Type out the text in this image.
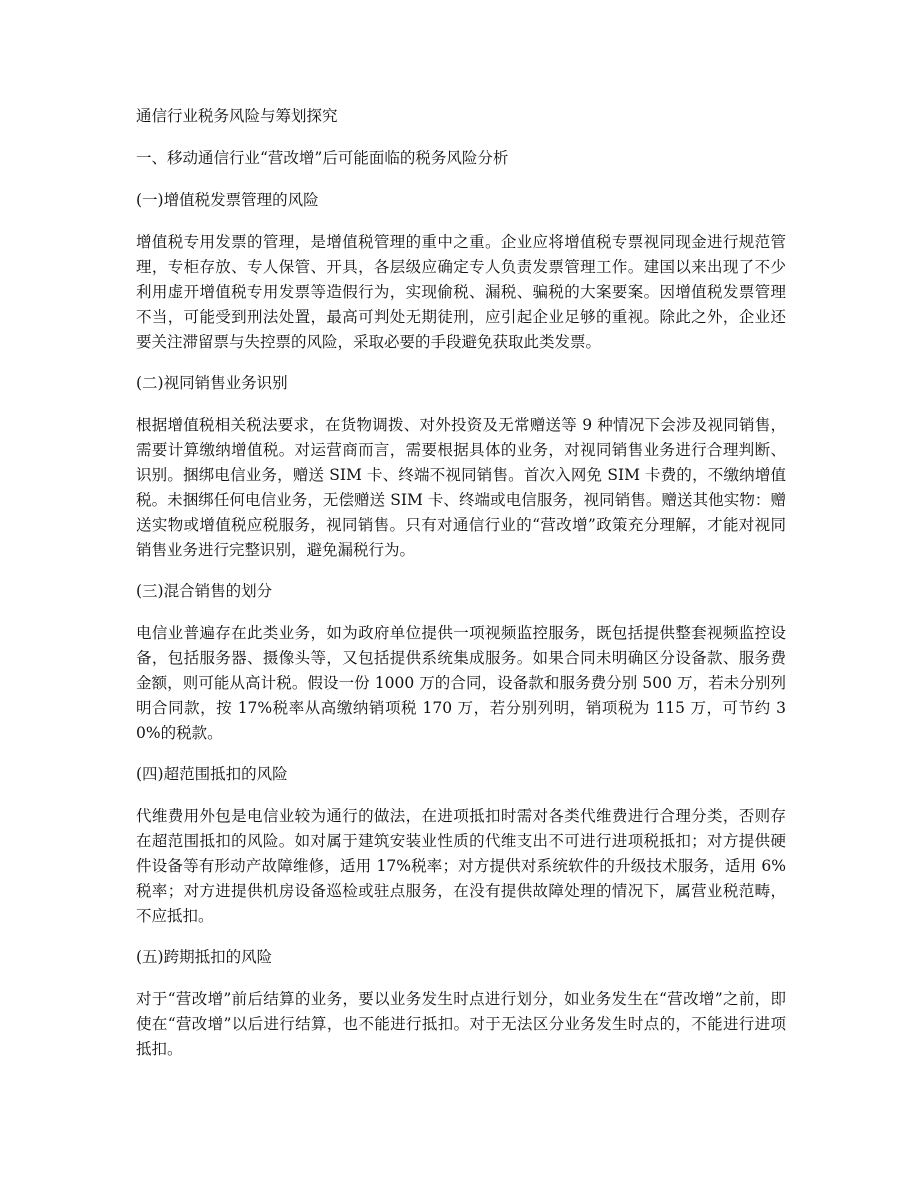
通信行业税务风险与筹划探究
一、移动通信行业“营改增”后可能面临的税务风险分析
(一)增值税发票管理的风险
增值税专用发票的管理，是增值税管理的重中之重。企业应将增值税专票视同现金进行规范管理，专柜存放、专人保管、开具，各层级应确定专人负责发票管理工作。建国以来出现了不少利用虚开增值税专用发票等造假行为，实现偷税、漏税、骗税的大案要案。因增值税发票管理不当，可能受到刑法处置，最高可判处无期徒刑，应引起企业足够的重视。除此之外，企业还要关注滞留票与失控票的风险，采取必要的手段避免获取此类发票。
(二)视同销售业务识别
根据增值税相关税法要求，在货物调拨、对外投资及无常赠送等 9 种情况下会涉及视同销售，需要计算缴纳增值税。对运营商而言，需要根据具体的业务，对视同销售业务进行合理判断、识别。捆绑电信业务，赠送 SIM 卡、终端不视同销售。首次入网免 SIM 卡费的，不缴纳增值税。未捆绑任何电信业务，无偿赠送 SIM 卡、终端或电信服务，视同销售。赠送其他实物：赠送实物或增值税应税服务，视同销售。只有对通信行业的“营改增”政策充分理解，才能对视同销售业务进行完整识别，避免漏税行为。
(三)混合销售的划分
电信业普遍存在此类业务，如为政府单位提供一项视频监控服务，既包括提供整套视频监控设备，包括服务器、摄像头等，又包括提供系统集成服务。如果合同未明确区分设备款、服务费金额，则可能从高计税。假设一份 1000 万的合同，设备款和服务费分别 500 万，若未分别列明合同款，按 17%税率从高缴纳销项税 170 万，若分别列明，销项税为 115 万，可节约 30%的税款。
(四)超范围抵扣的风险
代维费用外包是电信业较为通行的做法，在进项抵扣时需对各类代维费进行合理分类，否则存在超范围抵扣的风险。如对属于建筑安装业性质的代维支出不可进行进项税抵扣；对方提供硬件设备等有形动产故障维修，适用 17%税率；对方提供对系统软件的升级技术服务，适用 6%税率；对方进提供机房设备巡检或驻点服务，在没有提供故障处理的情况下，属营业税范畴，不应抵扣。
(五)跨期抵扣的风险
对于“营改增”前后结算的业务，要以业务发生时点进行划分，如业务发生在“营改增”之前，即使在“营改增”以后进行结算，也不能进行抵扣。对于无法区分业务发生时点的，不能进行进项抵扣。
